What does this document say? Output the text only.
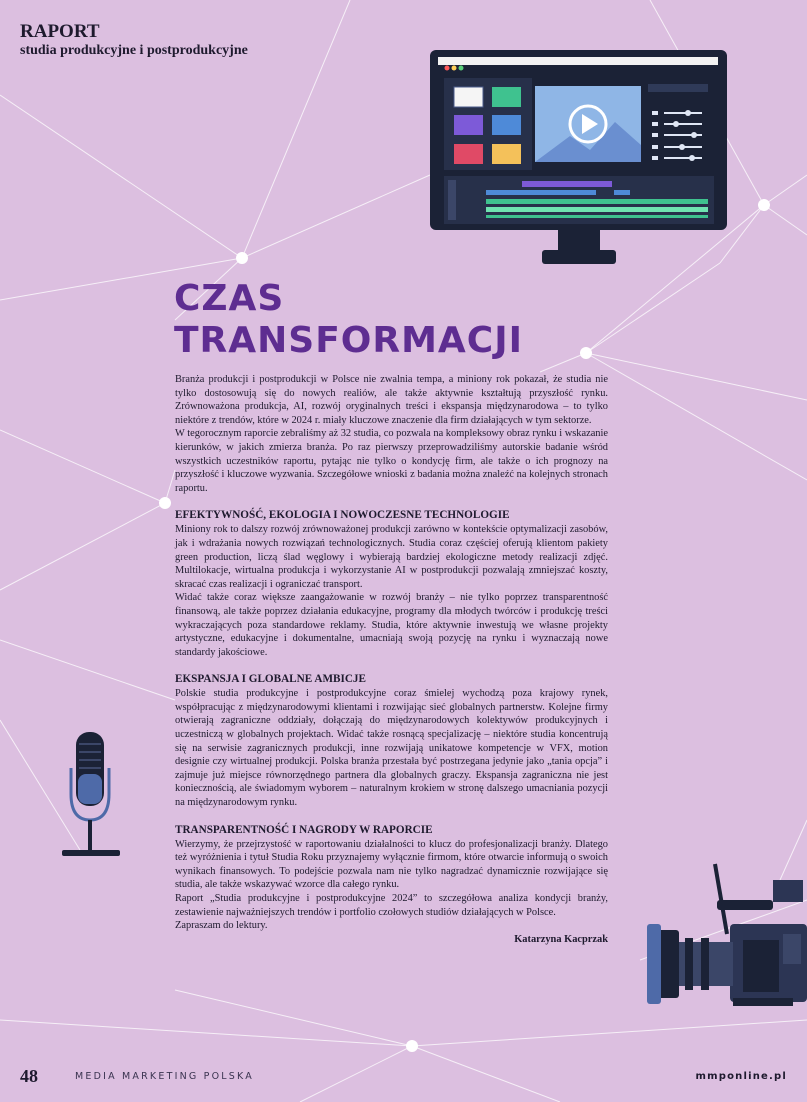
RAPORT
studia produkcyjne i postprodukcyjne
CZAS
TRANSFORMACJI

Branża produkcji i postprodukcji w Polsce nie zwalnia tempa, a miniony rok pokazał, że studia nie tylko dostosowują się do nowych realiów, ale także aktywnie kształtują przyszłość rynku. Zrównoważona produkcja, AI, rozwój oryginalnych treści i ekspansja międzynarodowa – to tylko niektóre z trendów, które w 2024 r. miały kluczowe znaczenie dla firm działających w tym sektorze.

W tegorocznym raporcie zebraliśmy aż 32 studia, co pozwala na kompleksowy obraz rynku i wskazanie kierunków, w jakich zmierza branża. Po raz pierwszy przeprowadziliśmy autorskie badanie wśród wszystkich uczestników raportu, pytając nie tylko o kondycję firm, ale także o ich prognozy na przyszłość i kluczowe wyzwania. Szczegółowe wnioski z badania można znaleźć na kolejnych stronach raportu.

EFEKTYWNOŚĆ, EKOLOGIA I NOWOCZESNE TECHNOLOGIE

Miniony rok to dalszy rozwój zrównoważonej produkcji zarówno w kontekście optymalizacji zasobów, jak i wdrażania nowych rozwiązań technologicznych. Studia coraz częściej oferują klientom pakiety green production, liczą ślad węglowy i wybierają bardziej ekologiczne metody realizacji zdjęć. Multilokacje, wirtualna produkcja i wykorzystanie AI w postprodukcji pozwalają zmniejszać koszty, skracać czas realizacji i ograniczać transport.

Widać także coraz większe zaangażowanie w rozwój branży – nie tylko poprzez transparentność finansową, ale także poprzez działania edukacyjne, programy dla młodych twórców i produkcję treści wykraczających poza standardowe reklamy. Studia, które aktywnie inwestują we własne projekty artystyczne, edukacyjne i dokumentalne, umacniają swoją pozycję na rynku i wyznaczają nowe standardy jakościowe.

EKSPANSJA I GLOBALNE AMBICJE

Polskie studia produkcyjne i postprodukcyjne coraz śmielej wychodzą poza krajowy rynek, współpracując z międzynarodowymi klientami i rozwijając sieć globalnych partnerstw. Kolejne firmy otwierają zagraniczne oddziały, dołączają do międzynarodowych kolektywów produkcyjnych i uczestniczą w globalnych projektach. Widać także rosnącą specjalizację – niektóre studia koncentrują się na serwisie zagranicznych produkcji, inne rozwijają unikatowe kompetencje w VFX, motion designie czy wirtualnej produkcji. Polska branża przestała być postrzegana jedynie jako „tania opcja” i zajmuje już miejsce równorzędnego partnera dla globalnych graczy. Ekspansja zagraniczna nie jest koniecznością, ale świadomym wyborem – naturalnym krokiem w stronę dalszego umacniania pozycji na międzynarodowym rynku.

TRANSPARENTNOŚĆ I NAGRODY W RAPORCIE

Wierzymy, że przejrzystość w raportowaniu działalności to klucz do profesjonalizacji branży. Dlatego też wyróżnienia i tytuł Studia Roku przyznajemy wyłącznie firmom, które otwarcie informują o swoich wynikach finansowych. To podejście pozwala nam nie tylko nagradzać dynamicznie rozwijające się studia, ale także wskazywać wzorce dla całego rynku.

Raport „Studia produkcyjne i postprodukcyjne 2024” to szczegółowa analiza kondycji branży, zestawienie najważniejszych trendów i portfolio czołowych studiów działających w Polsce.

Zapraszam do lektury.

Katarzyna Kacprzak

48	MEDIA MARKETING POLSKA	mmponline.pl
